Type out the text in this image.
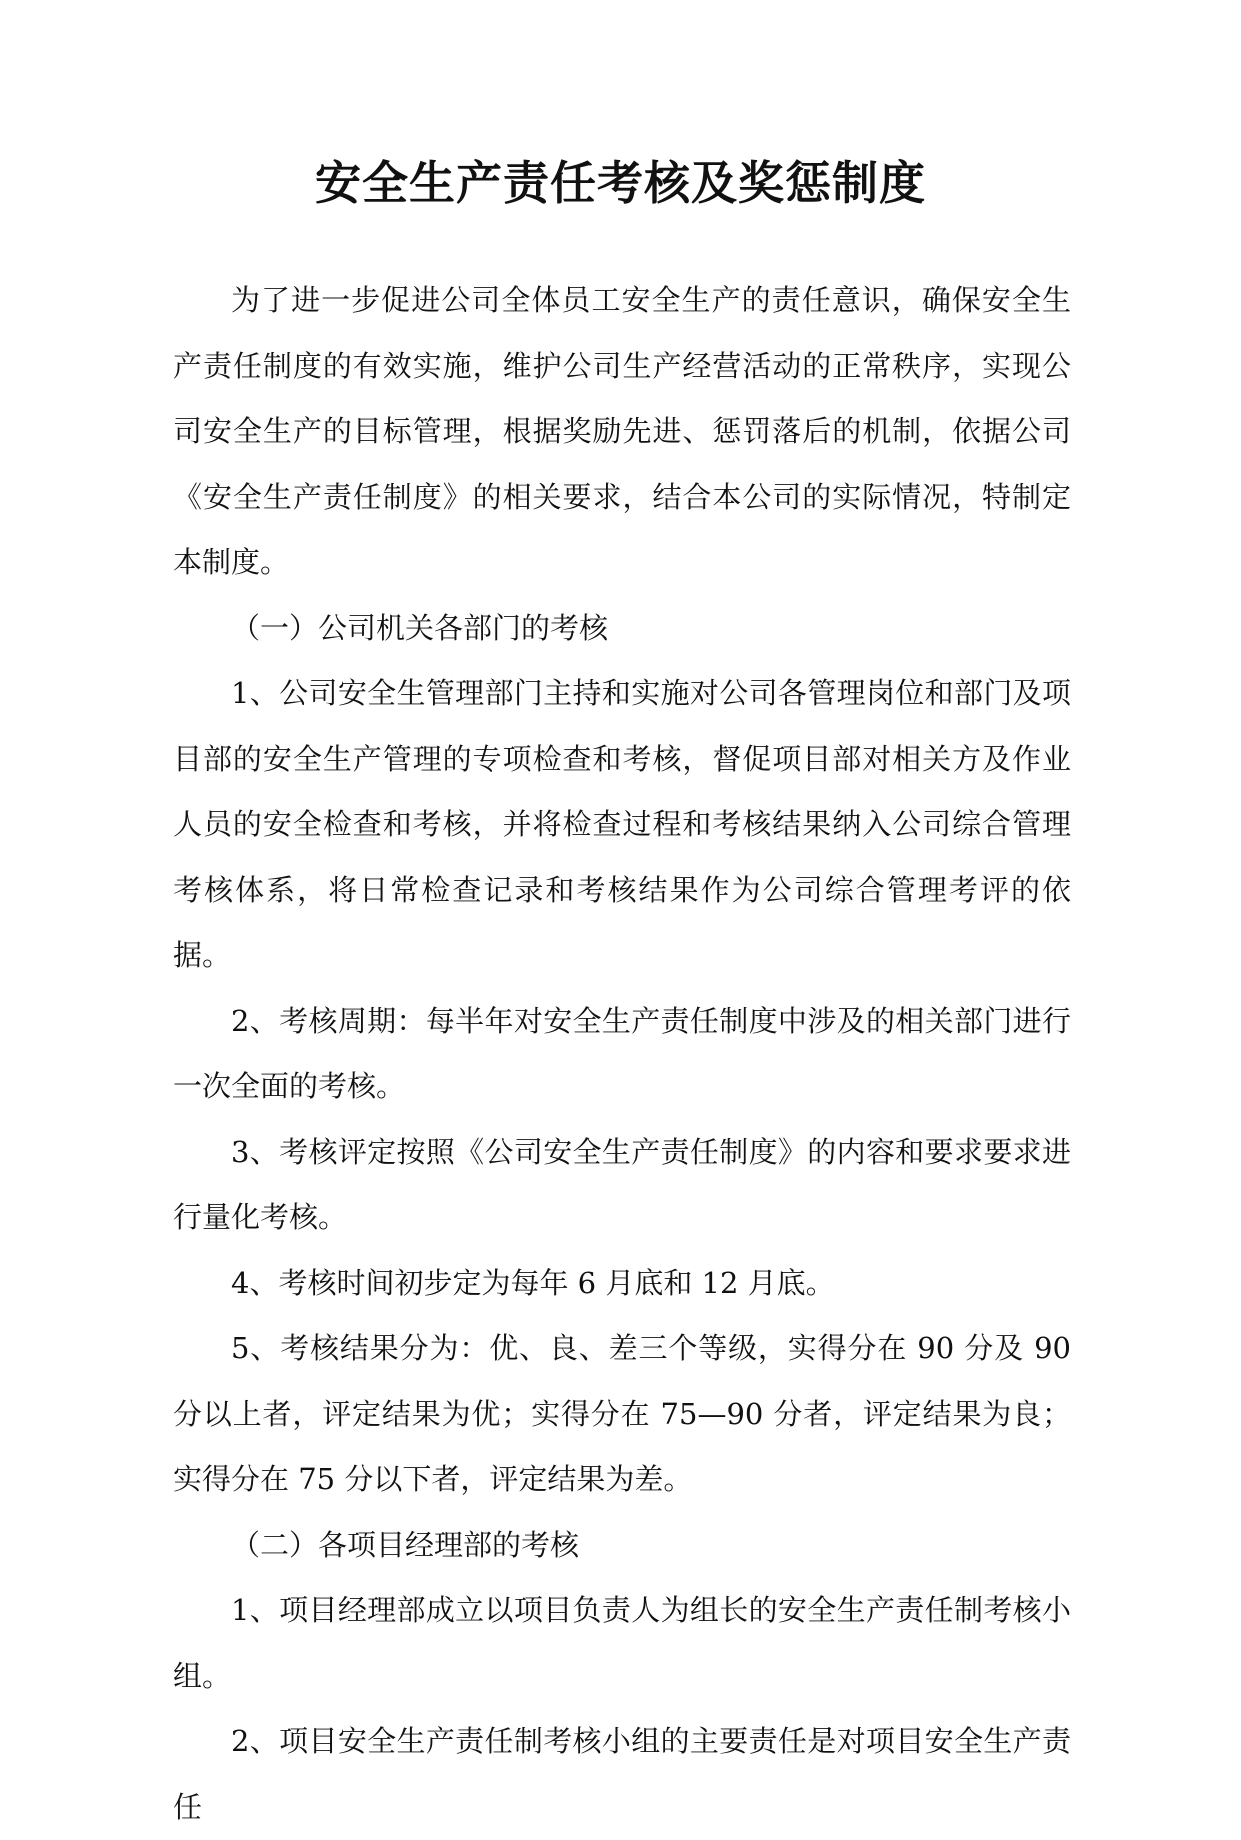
安全生产责任考核及奖惩制度

为了进一步促进公司全体员工安全生产的责任意识，确保安全生产责任制度的有效实施，维护公司生产经营活动的正常秩序，实现公司安全生产的目标管理，根据奖励先进、惩罚落后的机制，依据公司《安全生产责任制度》的相关要求，结合本公司的实际情况，特制定本制度。

（一）公司机关各部门的考核

1、公司安全生管理部门主持和实施对公司各管理岗位和部门及项目部的安全生产管理的专项检查和考核，督促项目部对相关方及作业人员的安全检查和考核，并将检查过程和考核结果纳入公司综合管理考核体系，将日常检查记录和考核结果作为公司综合管理考评的依据。

2、考核周期：每半年对安全生产责任制度中涉及的相关部门进行一次全面的考核。

3、考核评定按照《公司安全生产责任制度》的内容和要求要求进行量化考核。

4、考核时间初步定为每年 6 月底和 12 月底。

5、考核结果分为：优、良、差三个等级，实得分在 90 分及 90 分以上者，评定结果为优；实得分在 75—90 分者，评定结果为良；实得分在 75 分以下者，评定结果为差。

（二）各项目经理部的考核

1、项目经理部成立以项目负责人为组长的安全生产责任制考核小组。

2、项目安全生产责任制考核小组的主要责任是对项目安全生产责任
